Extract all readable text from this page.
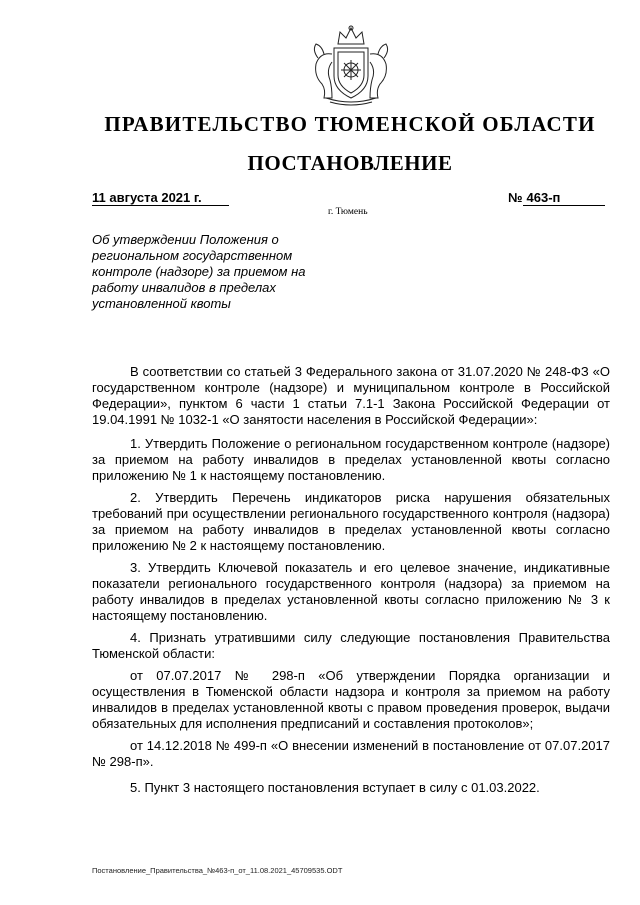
ПРАВИТЕЛЬСТВО ТЮМЕНСКОЙ ОБЛАСТИ
ПОСТАНОВЛЕНИЕ
11 августа 2021 г.	№ 463-п
г. Тюмень
Об утверждении Положения о региональном государственном контроле (надзоре) за приемом на работу инвалидов в пределах установленной квоты

В соответствии со статьей 3 Федерального закона от 31.07.2020 № 248-ФЗ «О государственном контроле (надзоре) и муниципальном контроле в Российской Федерации», пунктом 6 части 1 статьи 7.1-1 Закона Российской Федерации от 19.04.1991 № 1032-1 «О занятости населения в Российской Федерации»:

1. Утвердить Положение о региональном государственном контроле (надзоре) за приемом на работу инвалидов в пределах установленной квоты согласно приложению № 1 к настоящему постановлению.

2. Утвердить Перечень индикаторов риска нарушения обязательных требований при осуществлении регионального государственного контроля (надзора) за приемом на работу инвалидов в пределах установленной квоты согласно приложению № 2 к настоящему постановлению.

3. Утвердить Ключевой показатель и его целевое значение, индикативные показатели регионального государственного контроля (надзора) за приемом на работу инвалидов в пределах установленной квоты согласно приложению № 3 к настоящему постановлению.

4. Признать утратившими силу следующие постановления Правительства Тюменской области:

от 07.07.2017 № 298-п «Об утверждении Порядка организации и осуществления в Тюменской области надзора и контроля за приемом на работу инвалидов в пределах установленной квоты с правом проведения проверок, выдачи обязательных для исполнения предписаний и составления протоколов»;

от 14.12.2018 № 499-п «О внесении изменений в постановление от 07.07.2017 № 298-п».

5. Пункт 3 настоящего постановления вступает в силу с 01.03.2022.

Постановление_Правительства_№463-п_от_11.08.2021_45709535.ODT
